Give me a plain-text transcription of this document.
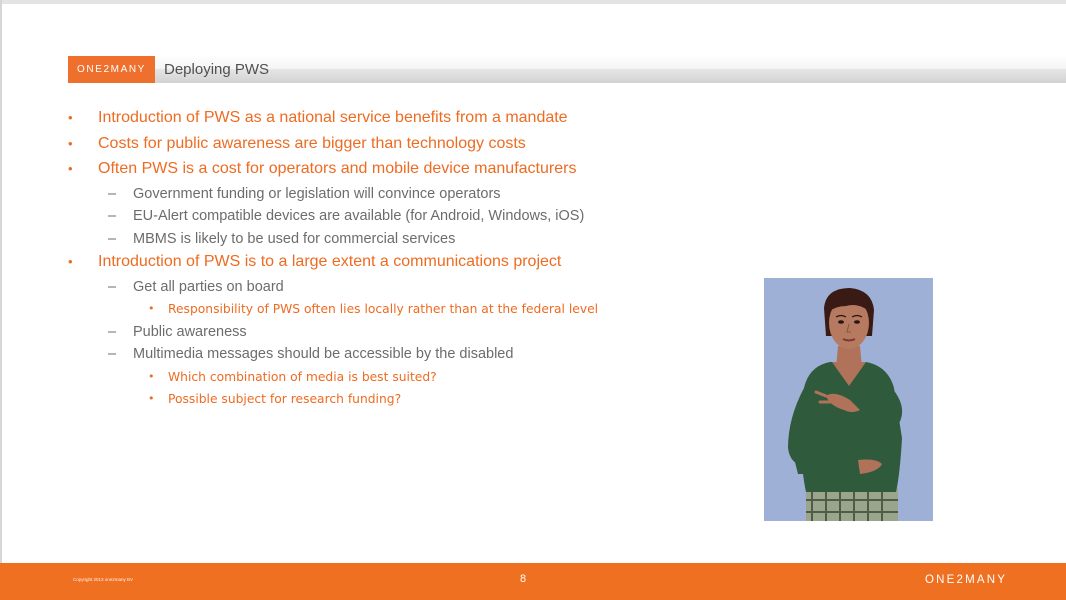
ONE2MANY	Deploying PWS
• Introduction of PWS as a national service benefits from a mandate
• Costs for public awareness are bigger than technology costs
• Often PWS is a cost for operators and mobile device manufacturers
– Government funding or legislation will convince operators
– EU-Alert compatible devices are available (for Android, Windows, iOS)
– MBMS is likely to be used for commercial services
• Introduction of PWS is to a large extent a communications project
– Get all parties on board
• Responsibility of PWS often lies locally rather than at the federal level
– Public awareness
– Multimedia messages should be accessible by the disabled
• Which combination of media is best suited?
• Possible subject for research funding?
Copyright 2013 one2many BV	8	ONE2MANY
